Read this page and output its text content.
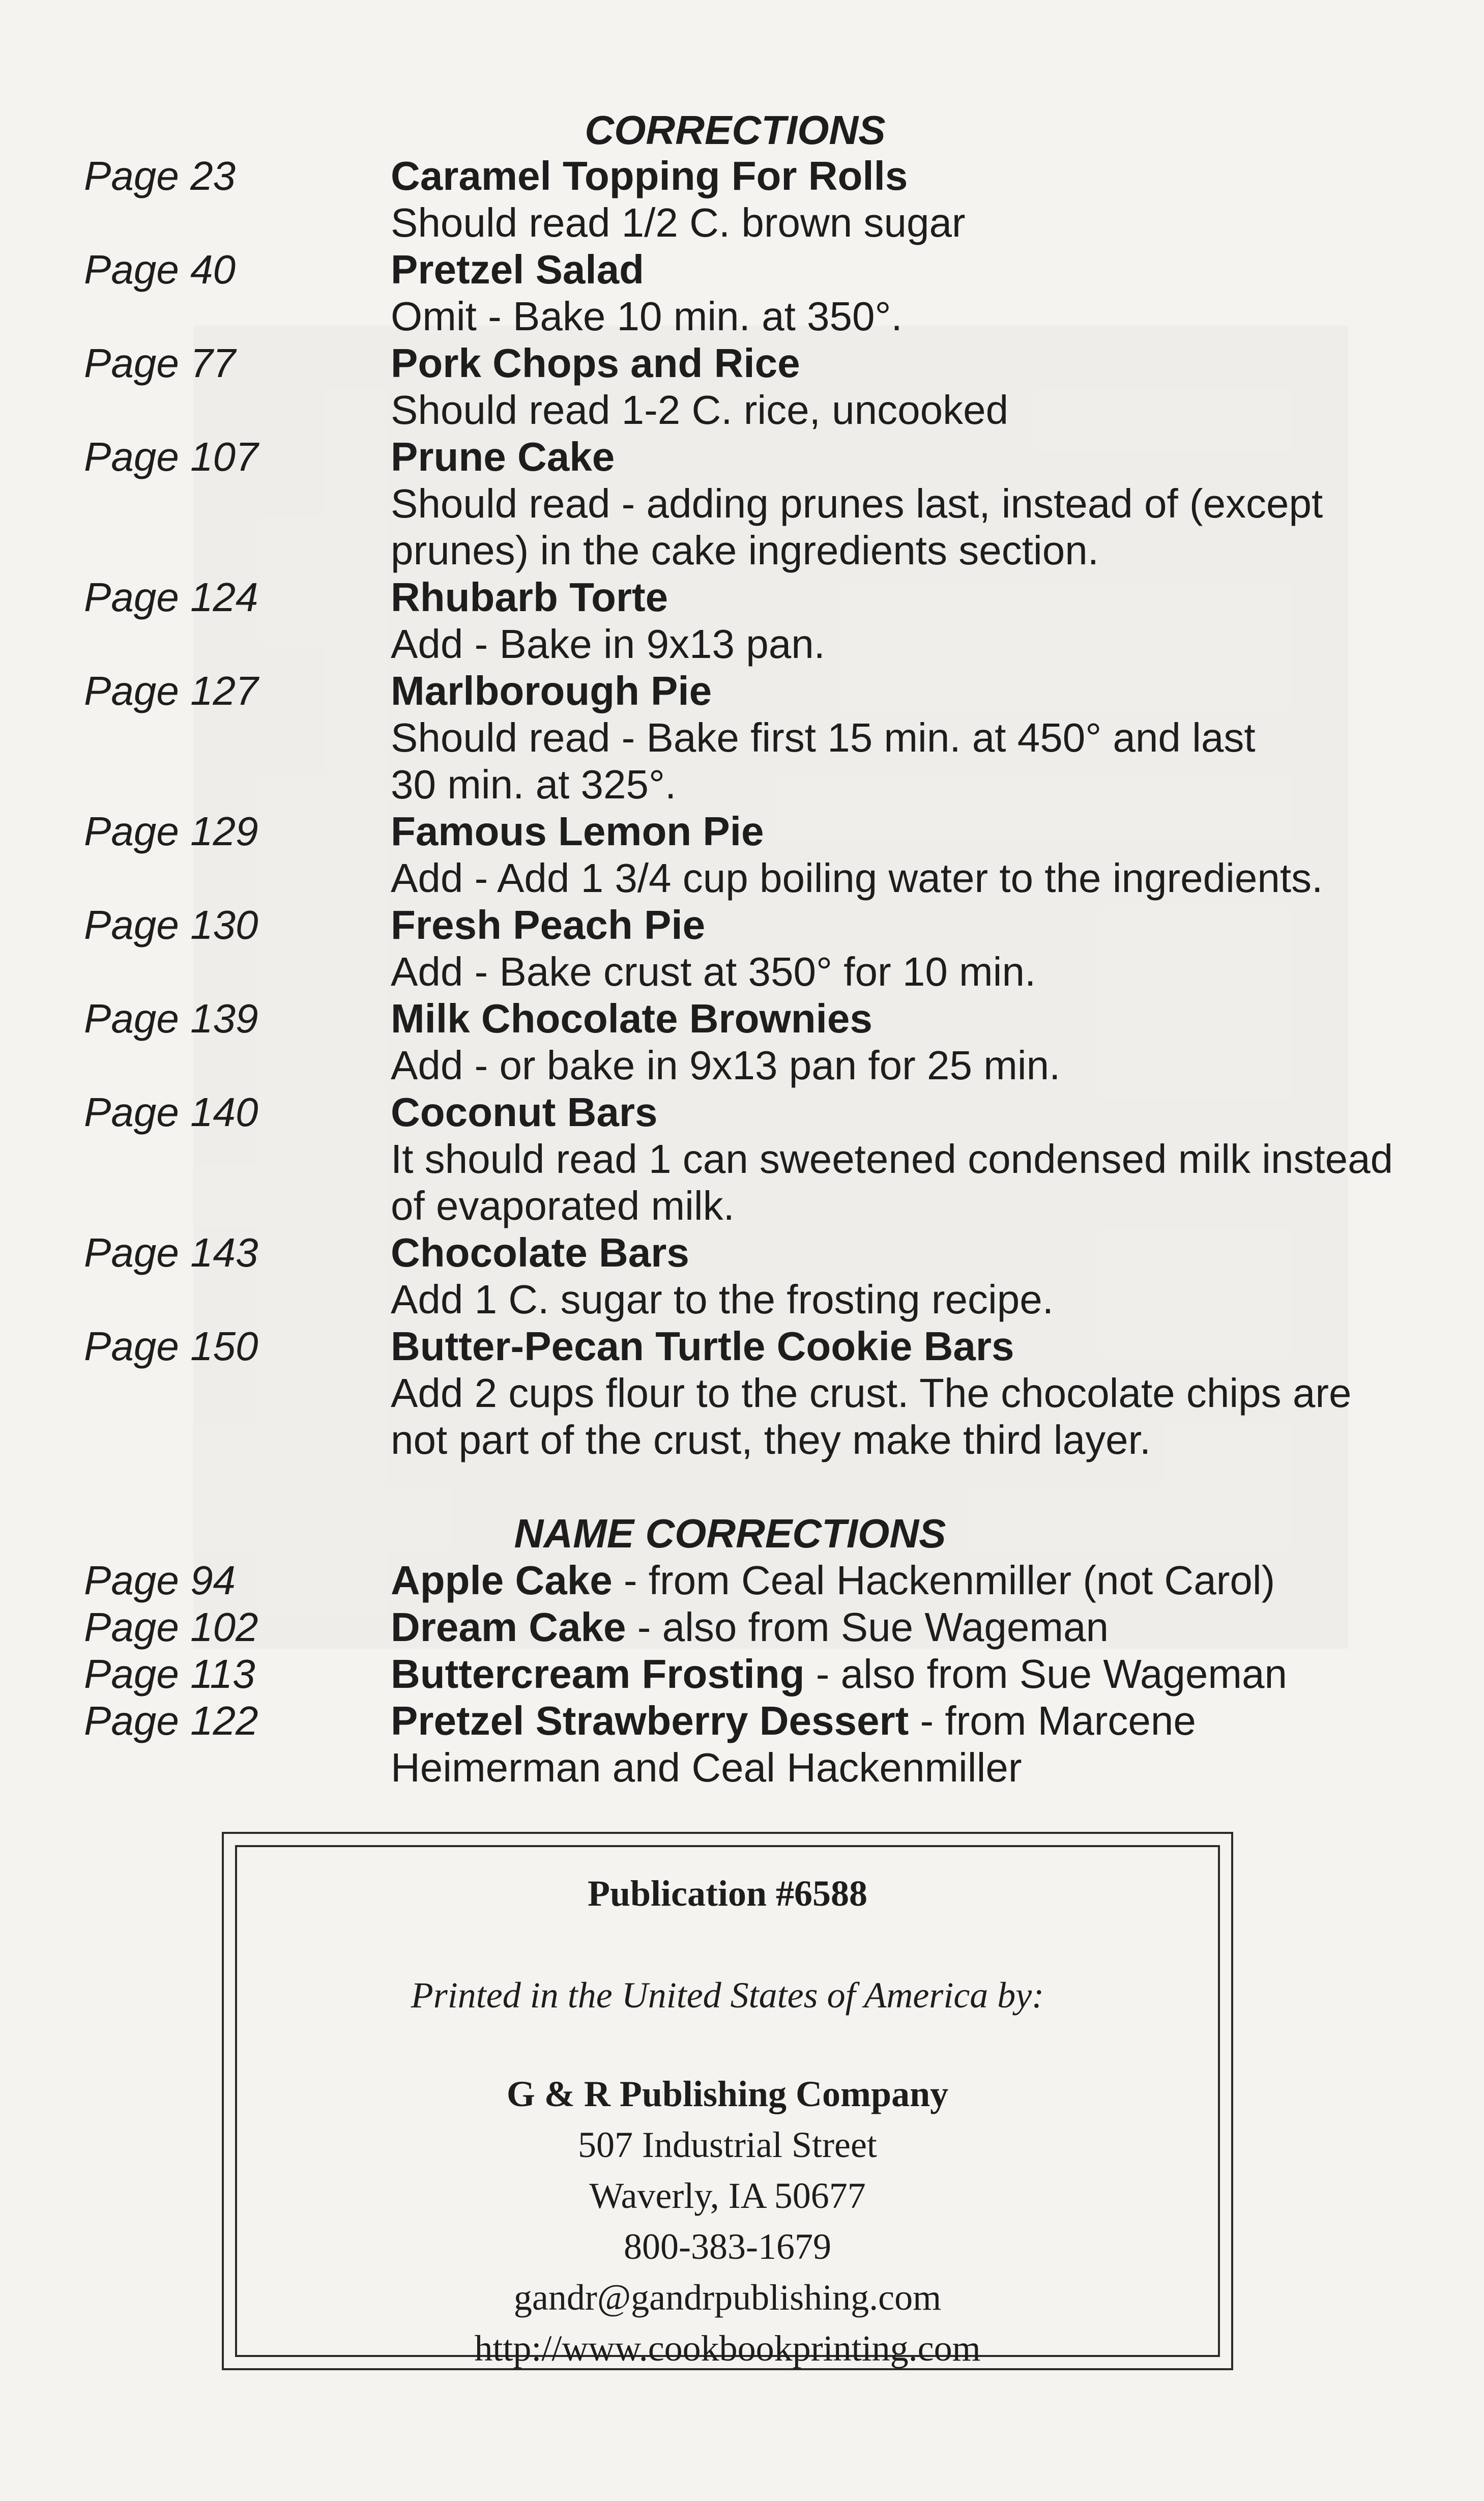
CORRECTIONS
Page 23	Caramel Topping For Rolls
Should read 1/2 C. brown sugar
Page 40	Pretzel Salad
Omit - Bake 10 min. at 350°.
Page 77	Pork Chops and Rice
Should read 1-2 C. rice, uncooked
Page 107	Prune Cake
Should read - adding prunes last, instead of (except
prunes) in the cake ingredients section.
Page 124	Rhubarb Torte
Add - Bake in 9x13 pan.
Page 127	Marlborough Pie
Should read - Bake first 15 min. at 450° and last
30 min. at 325°.
Page 129	Famous Lemon Pie
Add - Add 1 3/4 cup boiling water to the ingredients.
Page 130	Fresh Peach Pie
Add - Bake crust at 350° for 10 min.
Page 139	Milk Chocolate Brownies
Add - or bake in 9x13 pan for 25 min.
Page 140	Coconut Bars
It should read 1 can sweetened condensed milk instead
of evaporated milk.
Page 143	Chocolate Bars
Add 1 C. sugar to the frosting recipe.
Page 150	Butter-Pecan Turtle Cookie Bars
Add 2 cups flour to the crust. The chocolate chips are
not part of the crust, they make third layer.
NAME CORRECTIONS
Page 94	Apple Cake - from Ceal Hackenmiller (not Carol)
Page 102	Dream Cake - also from Sue Wageman
Page 113	Buttercream Frosting - also from Sue Wageman
Page 122	Pretzel Strawberry Dessert - from Marcene
Heimerman and Ceal Hackenmiller
Publication #6588
Printed in the United States of America by:
G & R Publishing Company
507 Industrial Street
Waverly, IA 50677
800-383-1679
gandr@gandrpublishing.com
http://www.cookbookprinting.com
